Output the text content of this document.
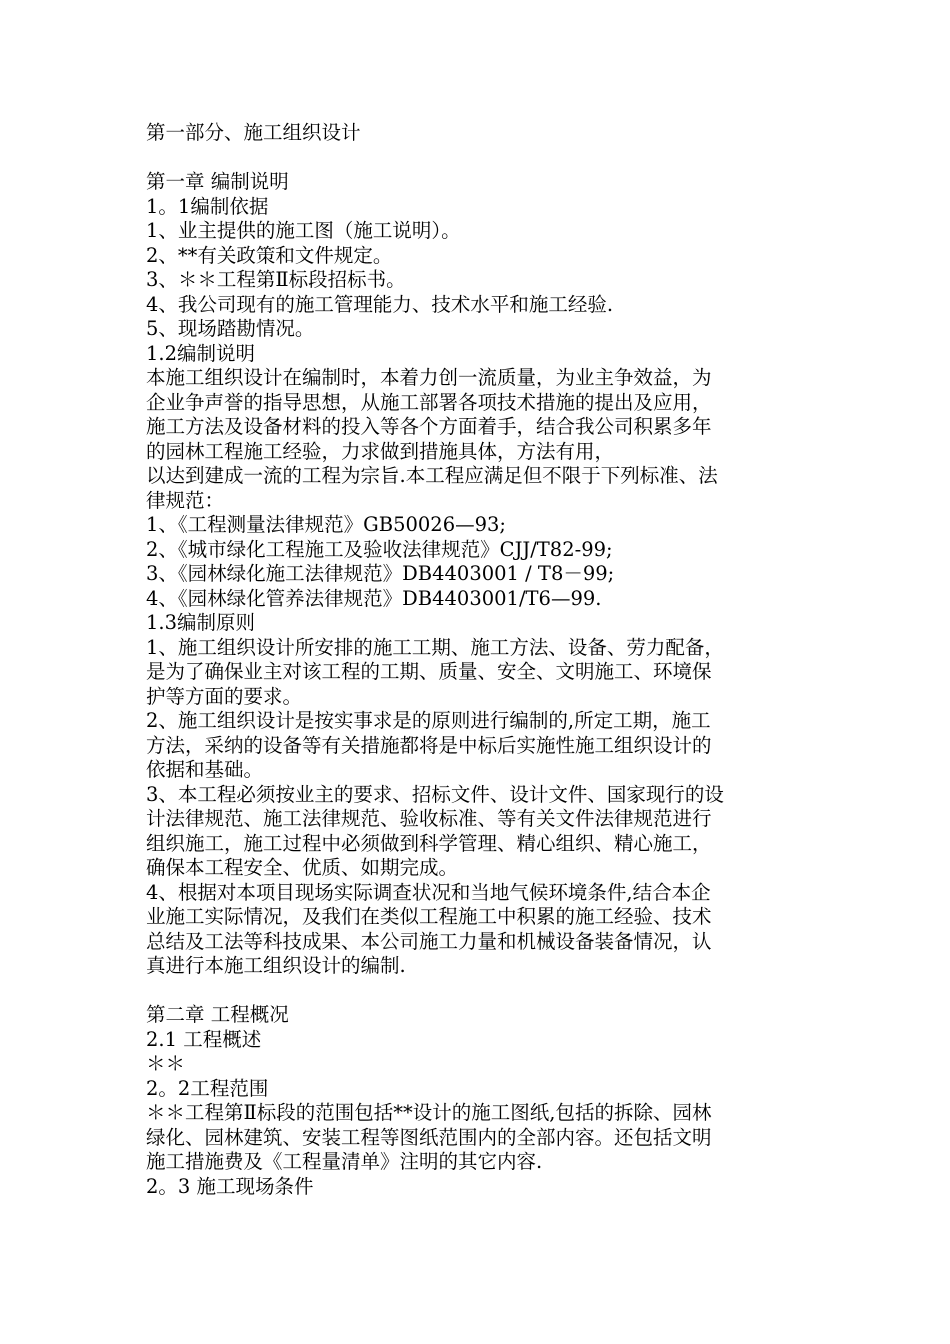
第一部分、施工组织设计
第一章 编制说明
1。1编制依据
1、业主提供的施工图（施工说明）。
2、**有关政策和文件规定。
3、＊＊工程第Ⅱ标段招标书。
4、我公司现有的施工管理能力、技术水平和施工经验.
5、现场踏勘情况。
1.2编制说明
本施工组织设计在编制时，本着力创一流质量，为业主争效益，为
企业争声誉的指导思想，从施工部署各项技术措施的提出及应用，
施工方法及设备材料的投入等各个方面着手，结合我公司积累多年
的园林工程施工经验，力求做到措施具体，方法有用，
以达到建成一流的工程为宗旨.本工程应满足但不限于下列标准、法
律规范：
1、《工程测量法律规范》GB50026—93;
2、《城市绿化工程施工及验收法律规范》CJJ/T82-99;
3、《园林绿化施工法律规范》DB4403001 / T8－99;
4、《园林绿化管养法律规范》DB4403001/T6—99.
1.3编制原则
1、施工组织设计所安排的施工工期、施工方法、设备、劳力配备，
是为了确保业主对该工程的工期、质量、安全、文明施工、环境保
护等方面的要求。
2、施工组织设计是按实事求是的原则进行编制的,所定工期，施工
方法，采纳的设备等有关措施都将是中标后实施性施工组织设计的
依据和基础。
3、本工程必须按业主的要求、招标文件、设计文件、国家现行的设
计法律规范、施工法律规范、验收标准、等有关文件法律规范进行
组织施工，施工过程中必须做到科学管理、精心组织、精心施工，
确保本工程安全、优质、如期完成。
4、根据对本项目现场实际调查状况和当地气候环境条件,结合本企
业施工实际情况，及我们在类似工程施工中积累的施工经验、技术
总结及工法等科技成果、本公司施工力量和机械设备装备情况，认
真进行本施工组织设计的编制.
第二章 工程概况
2.1 工程概述
＊＊
2。2工程范围
＊＊工程第Ⅱ标段的范围包括**设计的施工图纸,包括的拆除、园林
绿化、园林建筑、安装工程等图纸范围内的全部内容。还包括文明
施工措施费及《工程量清单》注明的其它内容.
2。3 施工现场条件
